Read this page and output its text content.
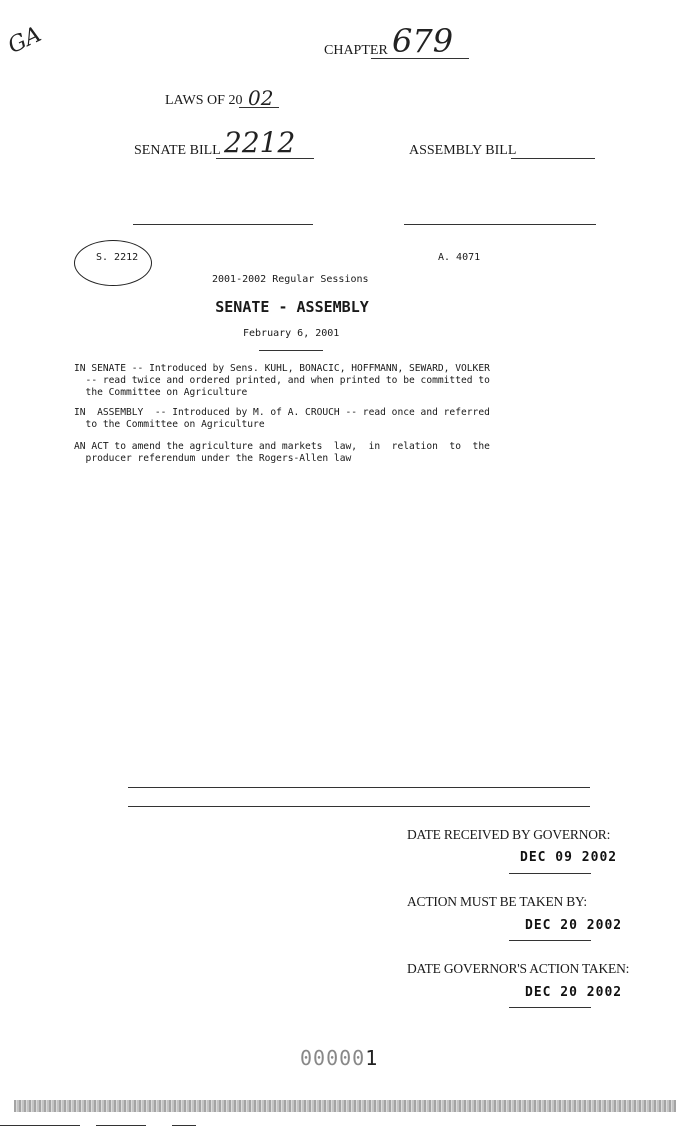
GA	CHAPTER 679
LAWS OF 20 02
SENATE BILL 2212	ASSEMBLY BILL
S. 2212	A. 4071
2001-2002 Regular Sessions
SENATE - ASSEMBLY
February 6, 2001
IN SENATE -- Introduced by Sens. KUHL, BONACIC, HOFFMANN, SEWARD, VOLKER
-- read twice and ordered printed, and when printed to be committed to
the Committee on Agriculture
IN  ASSEMBLY  -- Introduced by M. of A. CROUCH -- read once and referred
to the Committee on Agriculture
AN ACT to amend the agriculture and markets  law,  in  relation  to  the
producer referendum under the Rogers-Allen law
DATE RECEIVED BY GOVERNOR:
DEC 09 2002
ACTION MUST BE TAKEN BY:
DEC 20 2002
DATE GOVERNOR'S ACTION TAKEN:
DEC 20 2002
000001
